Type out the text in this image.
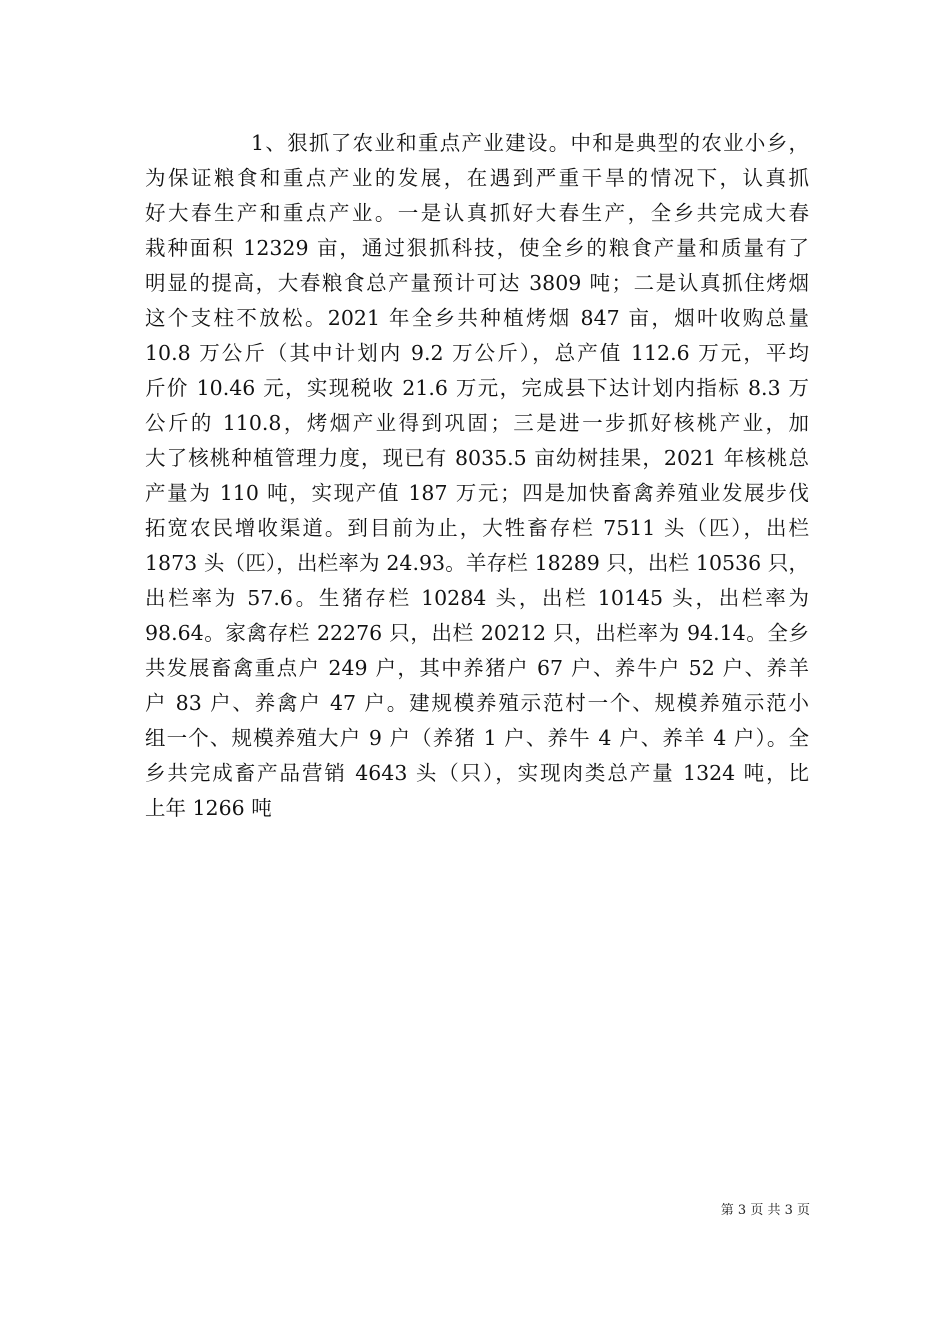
1、狠抓了农业和重点产业建设。中和是典型的农业小乡，
为保证粮食和重点产业的发展，在遇到严重干旱的情况下，认真抓
好大春生产和重点产业。一是认真抓好大春生产，全乡共完成大春
栽种面积 12329 亩，通过狠抓科技，使全乡的粮食产量和质量有了
明显的提高，大春粮食总产量预计可达 3809 吨；二是认真抓住烤烟
这个支柱不放松。2021 年全乡共种植烤烟 847 亩，烟叶收购总量
10.8 万公斤（其中计划内 9.2 万公斤），总产值 112.6 万元，平均
斤价 10.46 元，实现税收 21.6 万元，完成县下达计划内指标 8.3 万
公斤的 110.8，烤烟产业得到巩固；三是进一步抓好核桃产业，加
大了核桃种植管理力度，现已有 8035.5 亩幼树挂果，2021 年核桃总
产量为 110 吨，实现产值 187 万元；四是加快畜禽养殖业发展步伐
拓宽农民增收渠道。到目前为止，大牲畜存栏 7511 头（匹），出栏
1873 头（匹），出栏率为 24.93。羊存栏 18289 只，出栏 10536 只，
出栏率为 57.6。生猪存栏 10284 头，出栏 10145 头，出栏率为
98.64。家禽存栏 22276 只，出栏 20212 只，出栏率为 94.14。全乡
共发展畜禽重点户 249 户，其中养猪户 67 户、养牛户 52 户、养羊
户 83 户、养禽户 47 户。建规模养殖示范村一个、规模养殖示范小
组一个、规模养殖大户 9 户（养猪 1 户、养牛 4 户、养羊 4 户）。全
乡共完成畜产品营销 4643 头（只），实现肉类总产量 1324 吨，比
上年 1266 吨
第 3 页 共 3 页
